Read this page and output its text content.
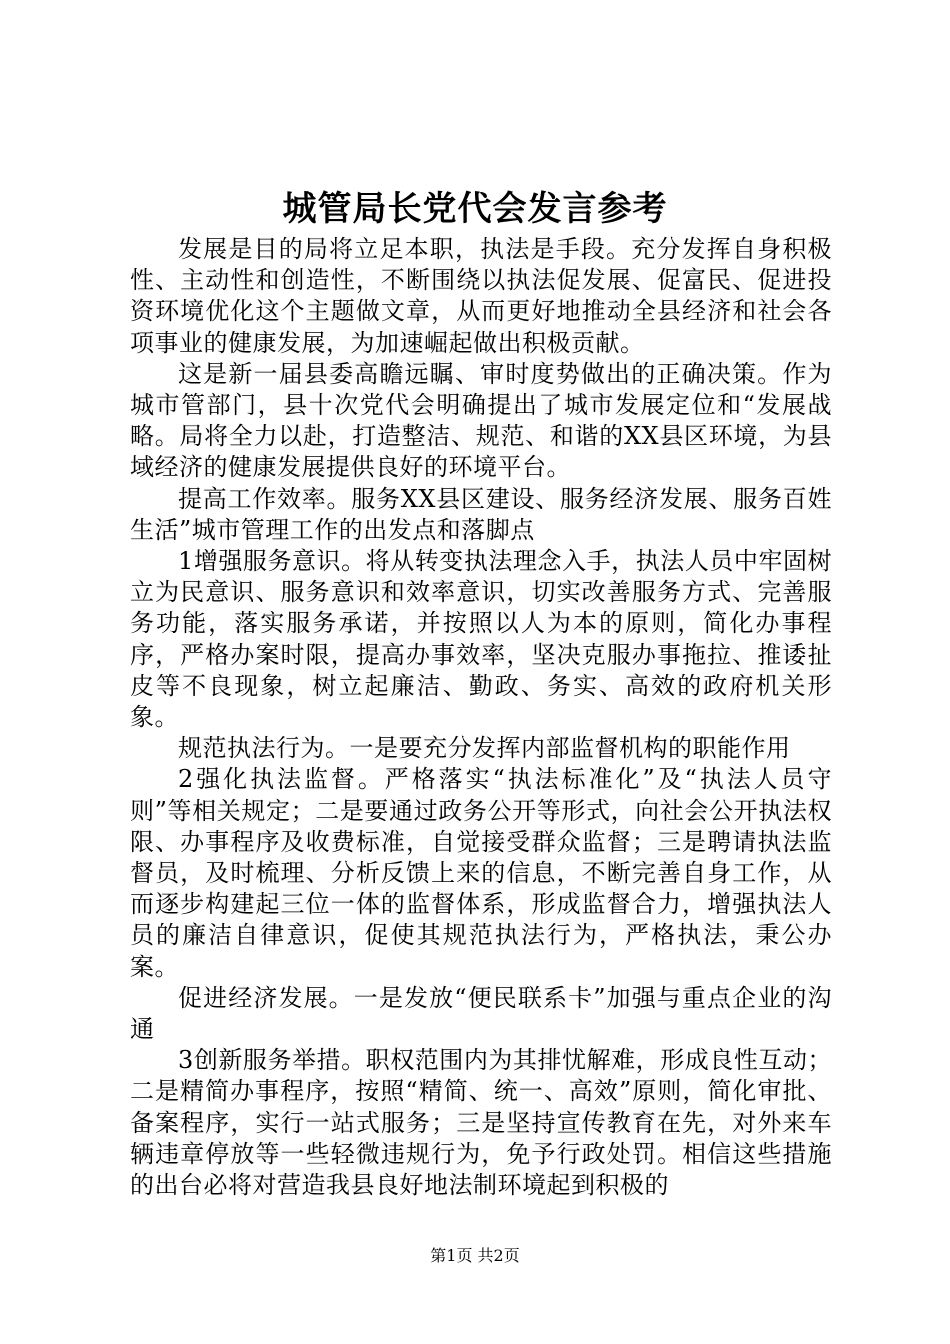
城管局长党代会发言参考

发展是目的局将立足本职，执法是手段。充分发挥自身积极性、主动性和创造性，不断围绕以执法促发展、促富民、促进投资环境优化这个主题做文章，从而更好地推动全县经济和社会各项事业的健康发展，为加速崛起做出积极贡献。

这是新一届县委高瞻远瞩、审时度势做出的正确决策。作为城市管部门，县十次党代会明确提出了城市发展定位和“发展战略。局将全力以赴，打造整洁、规范、和谐的XX县区环境，为县域经济的健康发展提供良好的环境平台。

提高工作效率。服务XX县区建设、服务经济发展、服务百姓生活”城市管理工作的出发点和落脚点

1增强服务意识。将从转变执法理念入手，执法人员中牢固树立为民意识、服务意识和效率意识，切实改善服务方式、完善服务功能，落实服务承诺，并按照以人为本的原则，简化办事程序，严格办案时限，提高办事效率，坚决克服办事拖拉、推诿扯皮等不良现象，树立起廉洁、勤政、务实、高效的政府机关形象。

规范执法行为。一是要充分发挥内部监督机构的职能作用

2强化执法监督。严格落实“执法标准化”及“执法人员守则”等相关规定；二是要通过政务公开等形式，向社会公开执法权限、办事程序及收费标准，自觉接受群众监督；三是聘请执法监督员，及时梳理、分析反馈上来的信息，不断完善自身工作，从而逐步构建起三位一体的监督体系，形成监督合力，增强执法人员的廉洁自律意识，促使其规范执法行为，严格执法，秉公办案。

促进经济发展。一是发放“便民联系卡”加强与重点企业的沟通

3创新服务举措。职权范围内为其排忧解难，形成良性互动；二是精简办事程序，按照“精简、统一、高效”原则，简化审批、备案程序，实行一站式服务；三是坚持宣传教育在先，对外来车辆违章停放等一些轻微违规行为，免予行政处罚。相信这些措施的出台必将对营造我县良好地法制环境起到积极的

第1页 共2页
